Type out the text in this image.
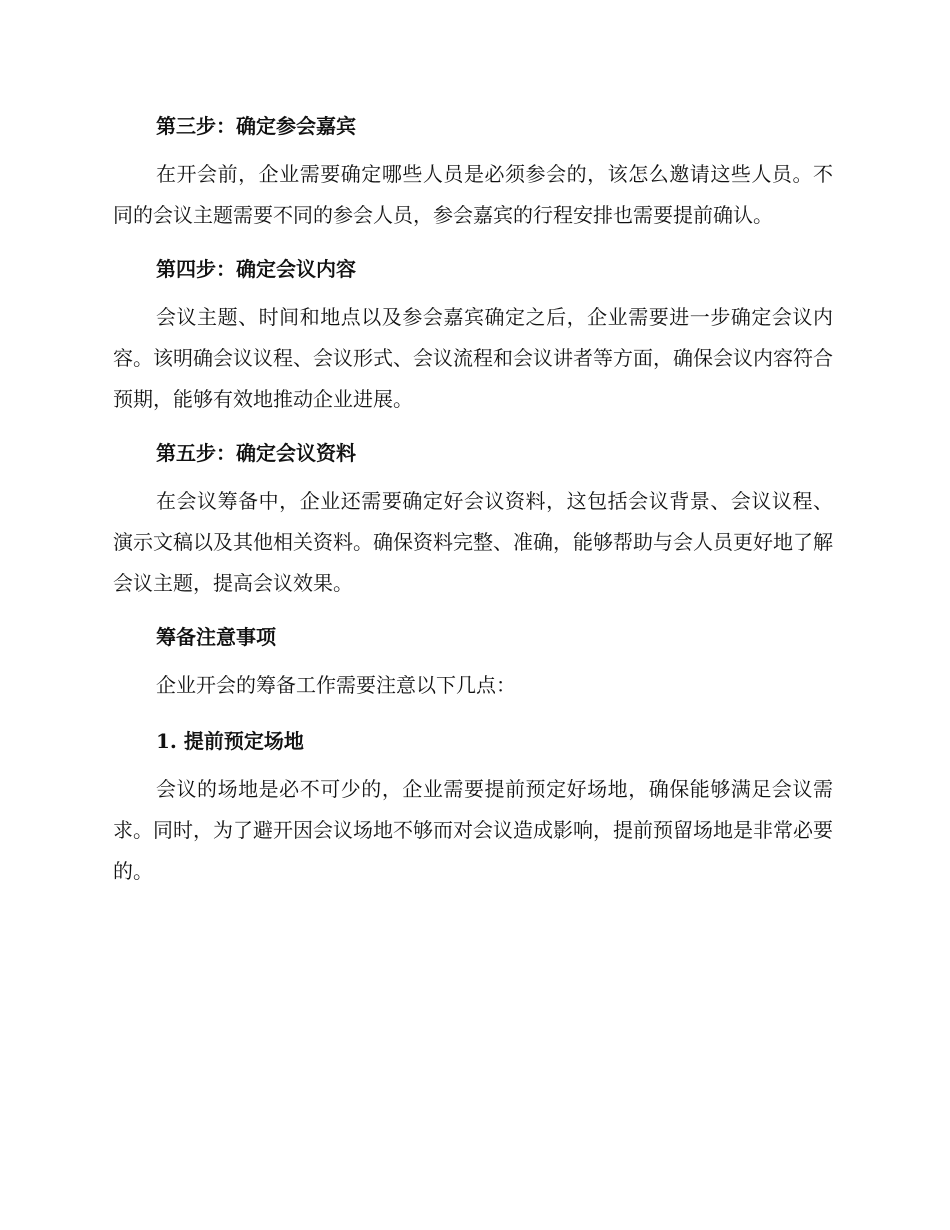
第三步：确定参会嘉宾

在开会前，企业需要确定哪些人员是必须参会的，该怎么邀请这些人员。不同的会议主题需要不同的参会人员，参会嘉宾的行程安排也需要提前确认。

第四步：确定会议内容

会议主题、时间和地点以及参会嘉宾确定之后，企业需要进一步确定会议内容。该明确会议议程、会议形式、会议流程和会议讲者等方面，确保会议内容符合预期，能够有效地推动企业进展。

第五步：确定会议资料

在会议筹备中，企业还需要确定好会议资料，这包括会议背景、会议议程、演示文稿以及其他相关资料。确保资料完整、准确，能够帮助与会人员更好地了解会议主题，提高会议效果。

筹备注意事项

企业开会的筹备工作需要注意以下几点：

1. 提前预定场地

会议的场地是必不可少的，企业需要提前预定好场地，确保能够满足会议需求。同时，为了避开因会议场地不够而对会议造成影响，提前预留场地是非常必要的。
